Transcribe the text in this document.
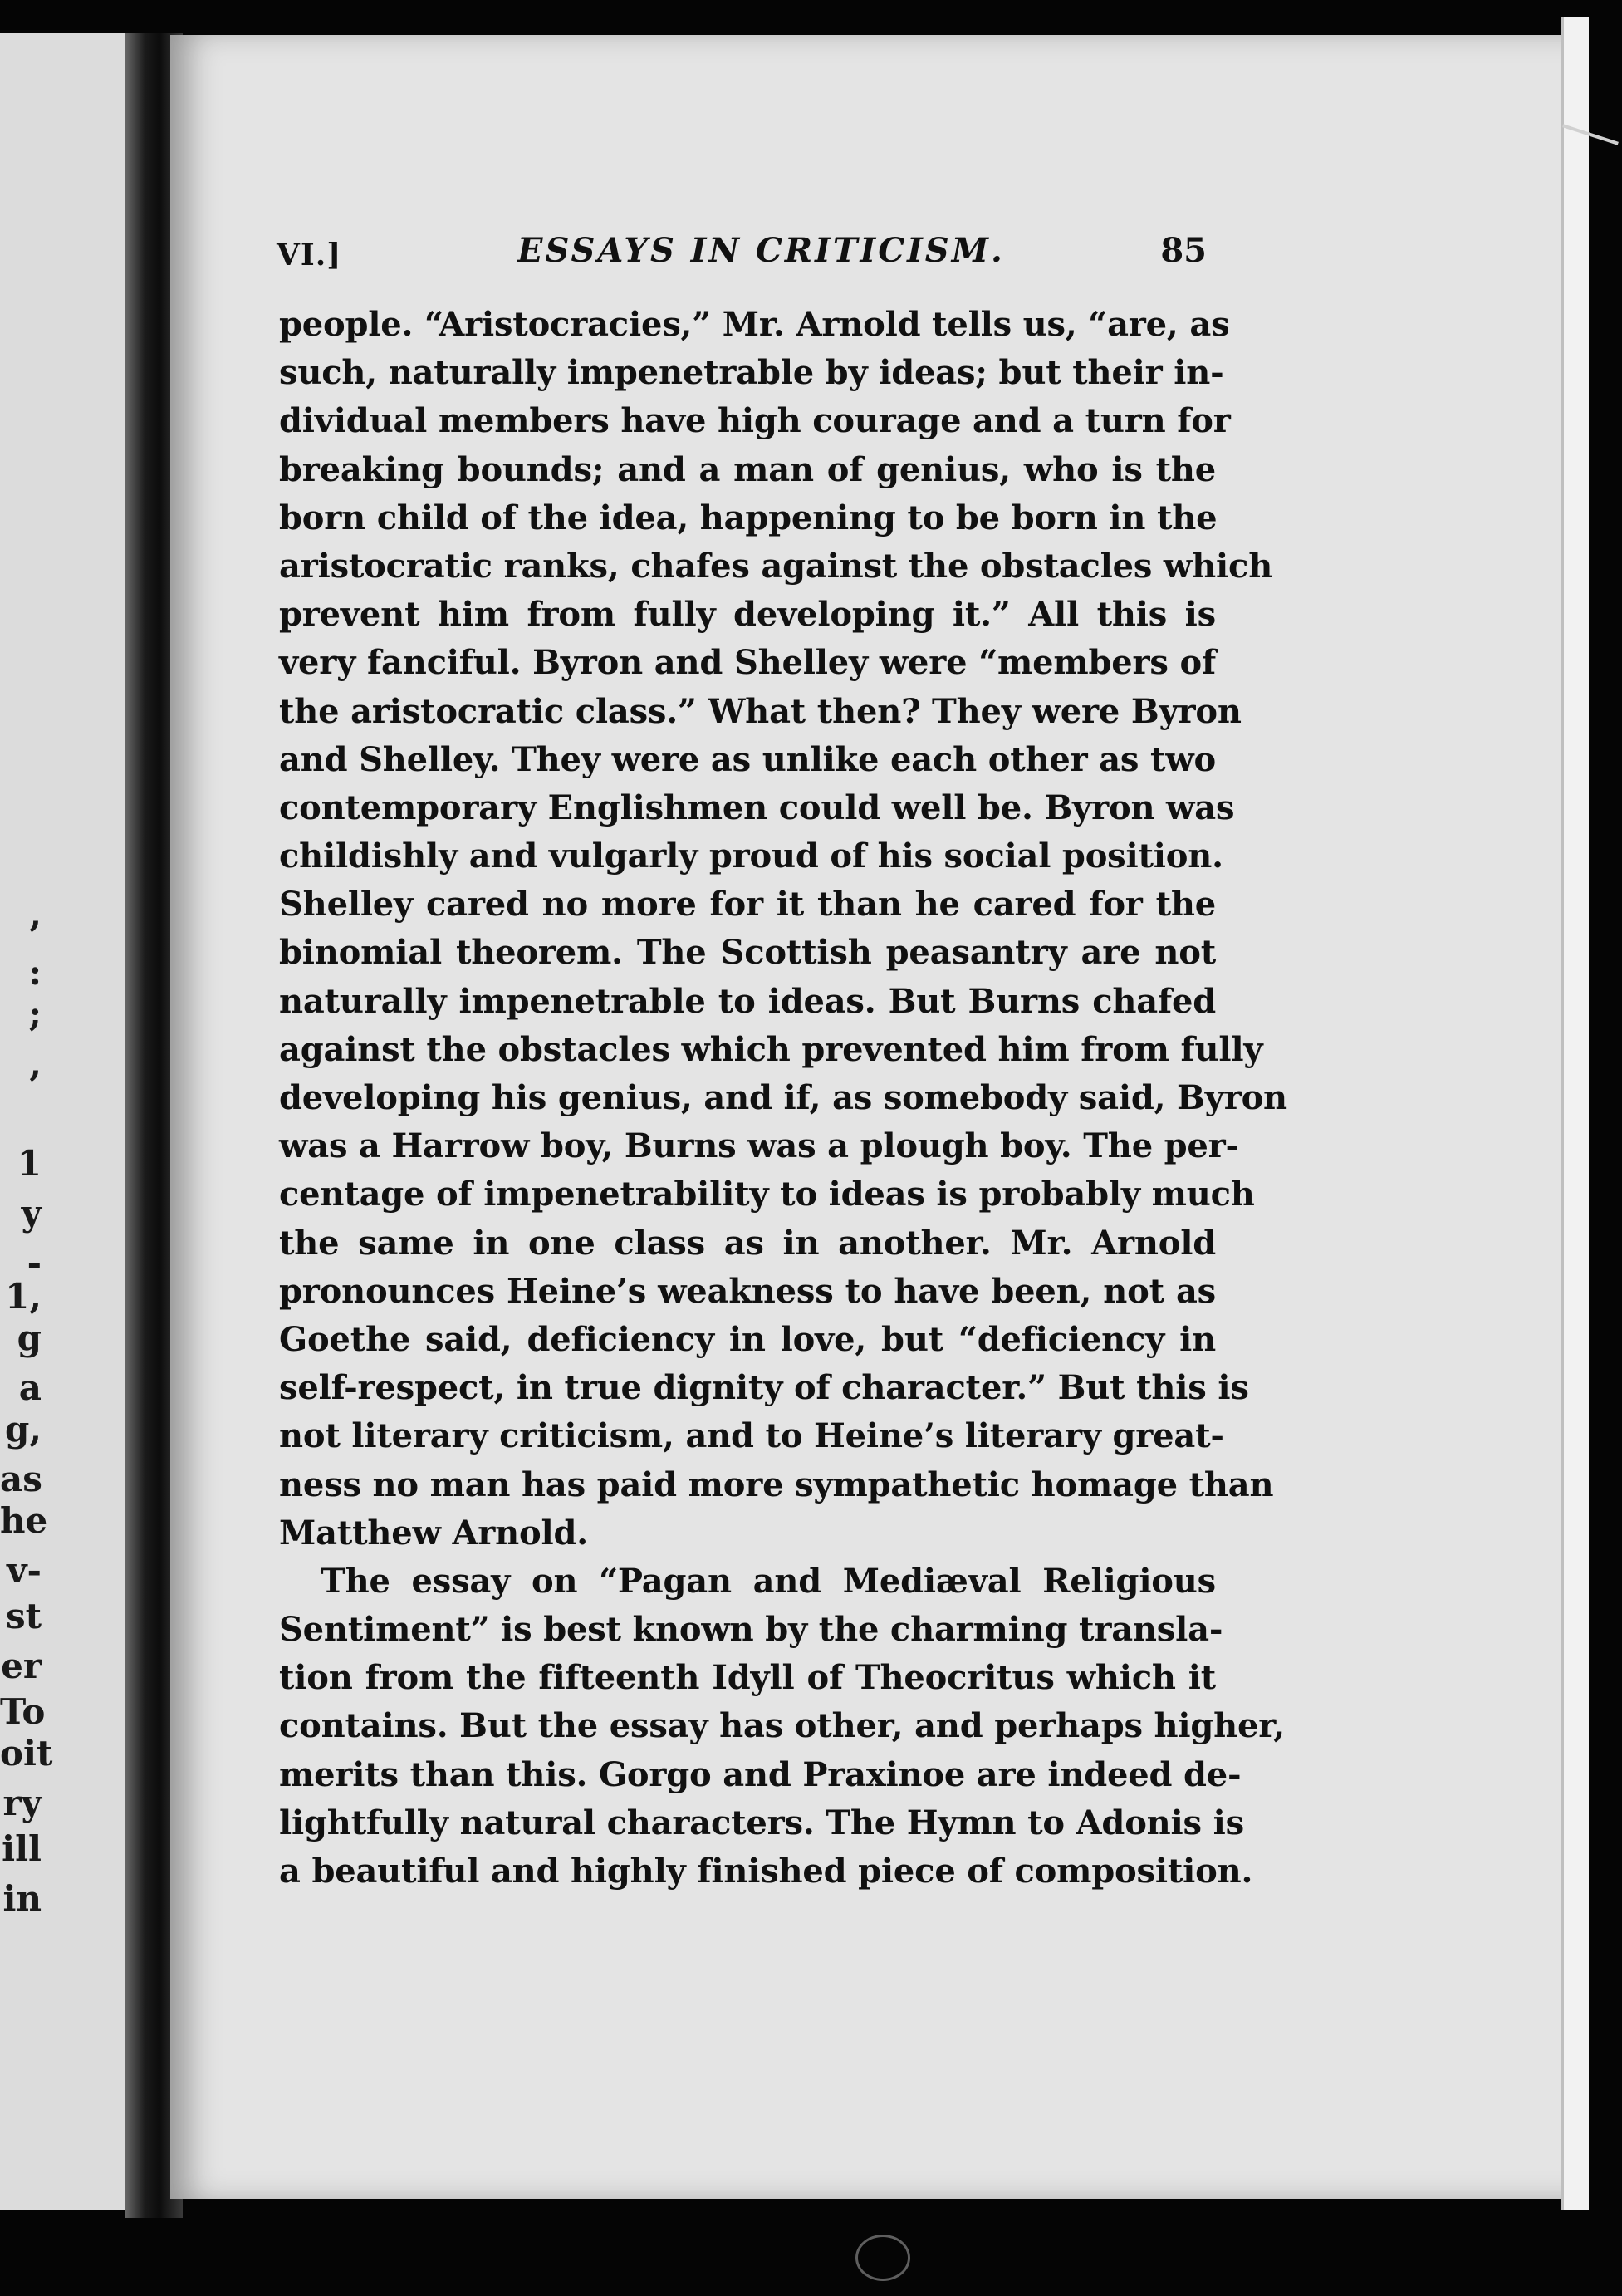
,
:
;
,
1
y
-
1,
g
a
g,
as
he
v-
st
er
To
oit
ry
ill
in
VI.]	ESSAYS IN CRITICISM.	85
people. “Aristocracies,” Mr. Arnold tells us, “are, as
such, naturally impenetrable by ideas; but their in-
dividual members have high courage and a turn for
breaking bounds; and a man of genius, who is the
born child of the idea, happening to be born in the
aristocratic ranks, chafes against the obstacles which
prevent him from fully developing it.” All this is
very fanciful. Byron and Shelley were “members of
the aristocratic class.” What then? They were Byron
and Shelley. They were as unlike each other as two
contemporary Englishmen could well be. Byron was
childishly and vulgarly proud of his social position.
Shelley cared no more for it than he cared for the
binomial theorem. The Scottish peasantry are not
naturally impenetrable to ideas. But Burns chafed
against the obstacles which prevented him from fully
developing his genius, and if, as somebody said, Byron
was a Harrow boy, Burns was a plough boy. The per-
centage of impenetrability to ideas is probably much
the same in one class as in another. Mr. Arnold
pronounces Heine’s weakness to have been, not as
Goethe said, deficiency in love, but “deficiency in
self-respect, in true dignity of character.” But this is
not literary criticism, and to Heine’s literary great-
ness no man has paid more sympathetic homage than
Matthew Arnold.
The essay on “Pagan and Mediæval Religious
Sentiment” is best known by the charming transla-
tion from the fifteenth Idyll of Theocritus which it
contains. But the essay has other, and perhaps higher,
merits than this. Gorgo and Praxinoe are indeed de-
lightfully natural characters. The Hymn to Adonis is
a beautiful and highly finished piece of composition.
